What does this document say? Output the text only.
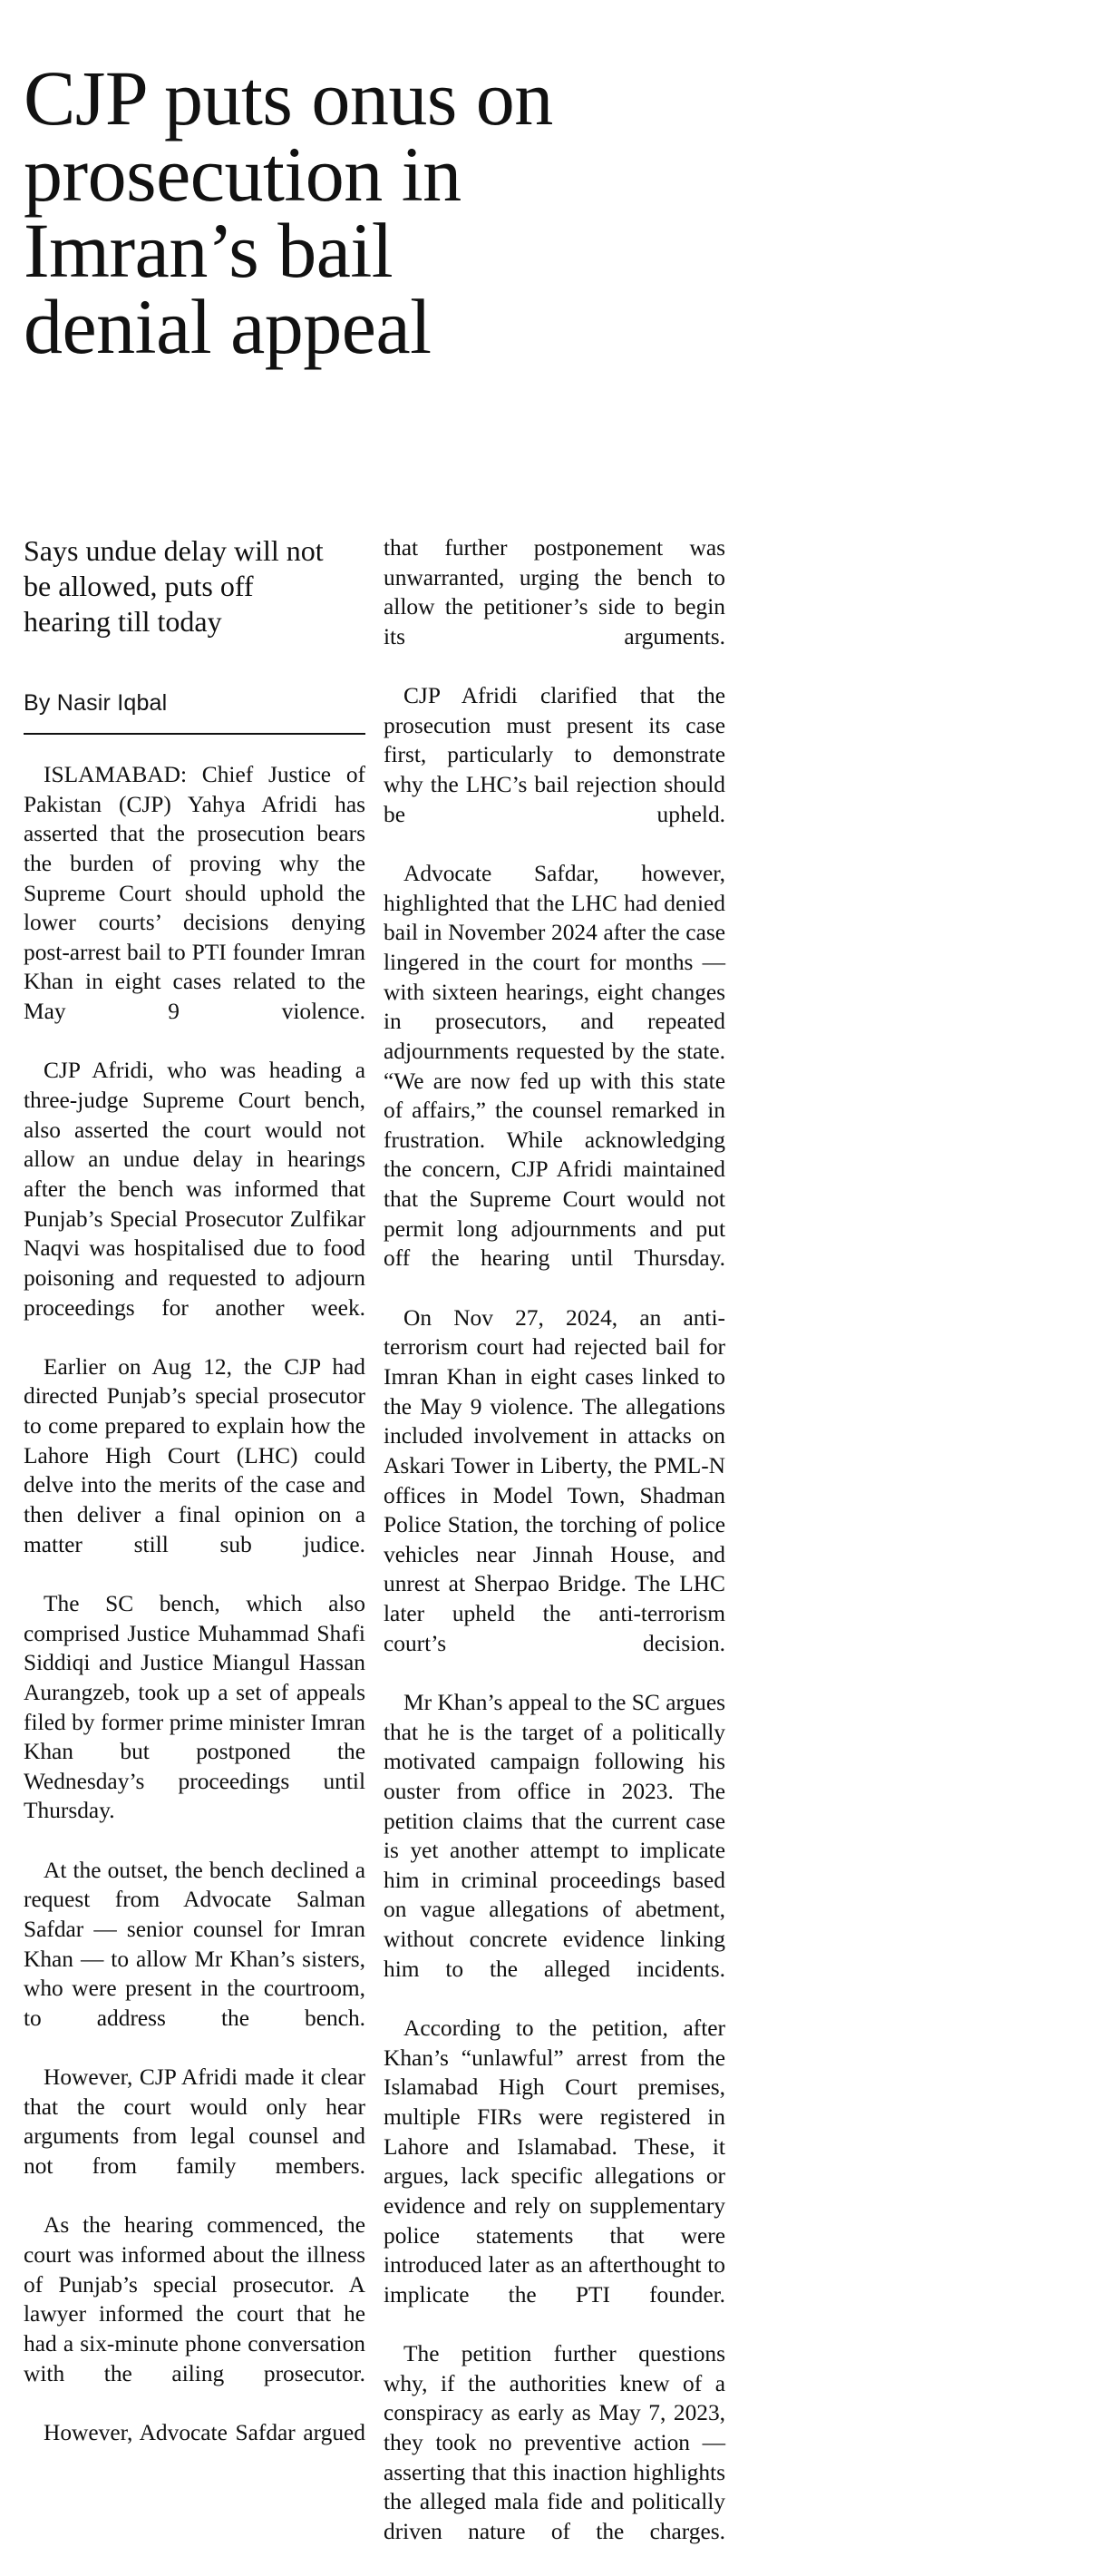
CJP puts onus on
prosecution in
Imran’s bail
denial appeal
Says undue delay will not
be allowed, puts off
hearing till today
By Nasir Iqbal

ISLAMABAD: Chief Justice of Pakistan (CJP) Yahya Afridi has asserted that the prosecution bears the burden of proving why the Supreme Court should uphold the lower courts’ decisions denying post-arrest bail to PTI founder Imran Khan in eight cases related to the May 9 violence.

CJP Afridi, who was heading a three-judge Supreme Court bench, also asserted the court would not allow an undue delay in hearings after the bench was informed that Punjab’s Special Prosecutor Zulfikar Naqvi was hospitalised due to food poisoning and requested to adjourn proceedings for another week.

Earlier on Aug 12, the CJP had directed Punjab’s special prosecutor to come prepared to explain how the Lahore High Court (LHC) could delve into the merits of the case and then deliver a final opinion on a matter still sub judice.

The SC bench, which also comprised Justice Muhammad Shafi Siddiqi and Justice Miangul Hassan Aurangzeb, took up a set of appeals filed by former prime minister Imran Khan but postponed the Wednesday’s proceedings until Thursday.

At the outset, the bench declined a request from Advocate Salman Safdar — senior counsel for Imran Khan — to allow Mr Khan’s sisters, who were present in the courtroom, to address the bench.

However, CJP Afridi made it clear that the court would only hear arguments from legal counsel and not from family members.

As the hearing commenced, the court was informed about the illness of Punjab’s special prosecutor. A lawyer informed the court that he had a six-minute phone conversation with the ailing prosecutor.

However, Advocate Safdar argued

that further postponement was unwarranted, urging the bench to allow the petitioner’s side to begin its arguments.

CJP Afridi clarified that the prosecution must present its case first, particularly to demonstrate why the LHC’s bail rejection should be upheld.

Advocate Safdar, however, highlighted that the LHC had denied bail in November 2024 after the case lingered in the court for months — with sixteen hearings, eight changes in prosecutors, and repeated adjournments requested by the state. “We are now fed up with this state of affairs,” the counsel remarked in frustration. While acknowledging the concern, CJP Afridi maintained that the Supreme Court would not permit long adjournments and put off the hearing until Thursday.

On Nov 27, 2024, an anti-terrorism court had rejected bail for Imran Khan in eight cases linked to the May 9 violence. The allegations included involvement in attacks on Askari Tower in Liberty, the PML-N offices in Model Town, Shadman Police Station, the torching of police vehicles near Jinnah House, and unrest at Sherpao Bridge. The LHC later upheld the anti-terrorism court’s decision.

Mr Khan’s appeal to the SC argues that he is the target of a politically motivated campaign following his ouster from office in 2023. The petition claims that the current case is yet another attempt to implicate him in criminal proceedings based on vague allegations of abetment, without concrete evidence linking him to the alleged incidents.

According to the petition, after Khan’s “unlawful” arrest from the Islamabad High Court premises, multiple FIRs were registered in Lahore and Islamabad. These, it argues, lack specific allegations or evidence and rely on supplementary police statements that were introduced later as an afterthought to implicate the PTI founder.

The petition further questions why, if the authorities knew of a conspiracy as early as May 7, 2023, they took no preventive action — asserting that this inaction highlights the alleged mala fide and politically driven nature of the charges.
